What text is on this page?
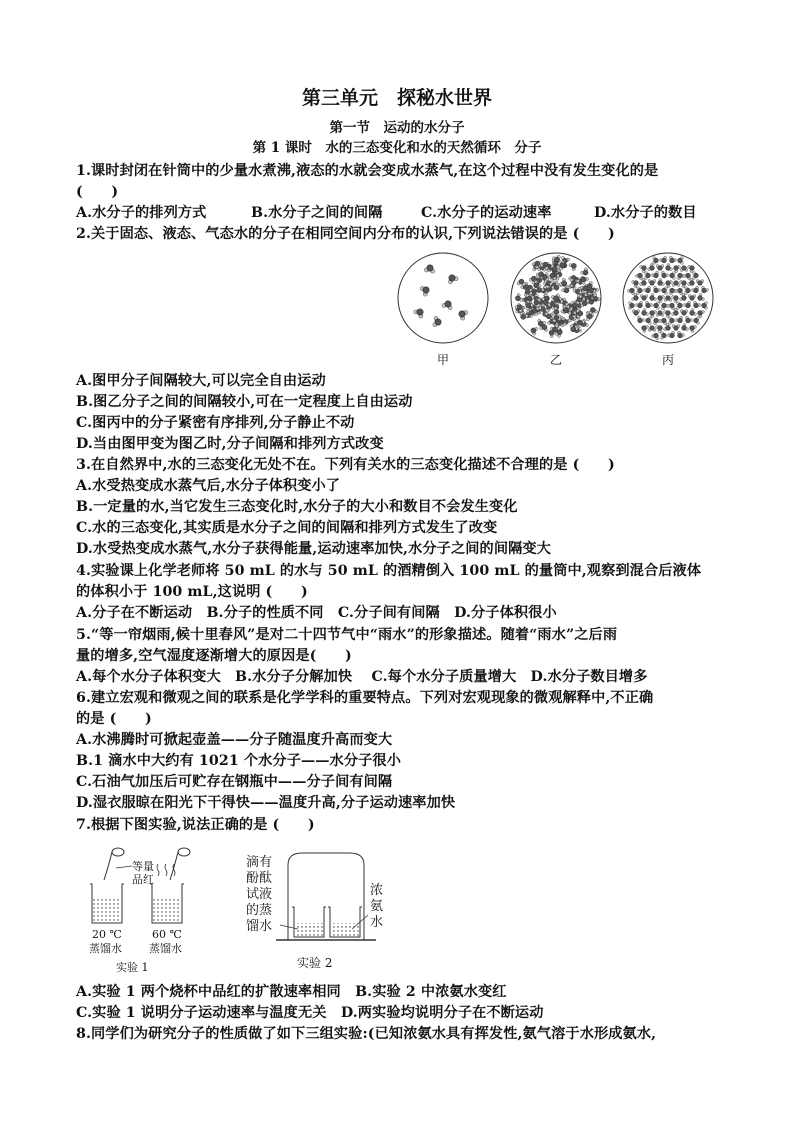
第三单元　探秘水世界
第一节　运动的水分子
第 1 课时　水的三态变化和水的天然循环　分子
1.课时封闭在针筒中的少量水煮沸,液态的水就会变成水蒸气,在这个过程中没有发生变化的是
(　　)
A.水分子的排列方式	B.水分子之间的间隔	C.水分子的运动速率	D.水分子的数目
2.关于固态、液态、气态水的分子在相同空间内分布的认识,下列说法错误的是 (　　)
甲	乙	丙
A.图甲分子间隔较大,可以完全自由运动
B.图乙分子之间的间隔较小,可在一定程度上自由运动
C.图丙中的分子紧密有序排列,分子静止不动
D.当由图甲变为图乙时,分子间隔和排列方式改变
3.在自然界中,水的三态变化无处不在。下列有关水的三态变化描述不合理的是 (　　)
A.水受热变成水蒸气后,水分子体积变小了
B.一定量的水,当它发生三态变化时,水分子的大小和数目不会发生变化
C.水的三态变化,其实质是水分子之间的间隔和排列方式发生了改变
D.水受热变成水蒸气,水分子获得能量,运动速率加快,水分子之间的间隔变大
4.实验课上化学老师将 50 mL 的水与 50 mL 的酒精倒入 100 mL 的量筒中,观察到混合后液体
的体积小于 100 mL,这说明 (　　)
A.分子在不断运动　B.分子的性质不同　C.分子间有间隔　D.分子体积很小
5.“等一帘烟雨,候十里春风”是对二十四节气中“雨水”的形象描述。随着“雨水”之后雨
量的增多,空气湿度逐渐增大的原因是(　　)
A.每个水分子体积变大　B.水分子分解加快　 C.每个水分子质量增大　D.水分子数目增多
6.建立宏观和微观之间的联系是化学学科的重要特点。下列对宏观现象的微观解释中,不正确
的是 (　　)
A.水沸腾时可掀起壶盖——分子随温度升高而变大
B.1 滴水中大约有 1021 个水分子——水分子很小
C.石油气加压后可贮存在钢瓶中——分子间有间隔
D.湿衣服晾在阳光下干得快——温度升高,分子运动速率加快
7.根据下图实验,说法正确的是 (　　)
等量
品红
20 ℃
蒸馏水
60 ℃
蒸馏水
实验 1
滴有
酚酞
试液
的蒸
馏水
浓
氨
水
实验 2
A.实验 1 两个烧杯中品红的扩散速率相同　B.实验 2 中浓氨水变红
C.实验 1 说明分子运动速率与温度无关　D.两实验均说明分子在不断运动
8.同学们为研究分子的性质做了如下三组实验:(已知浓氨水具有挥发性,氨气溶于水形成氨水,
